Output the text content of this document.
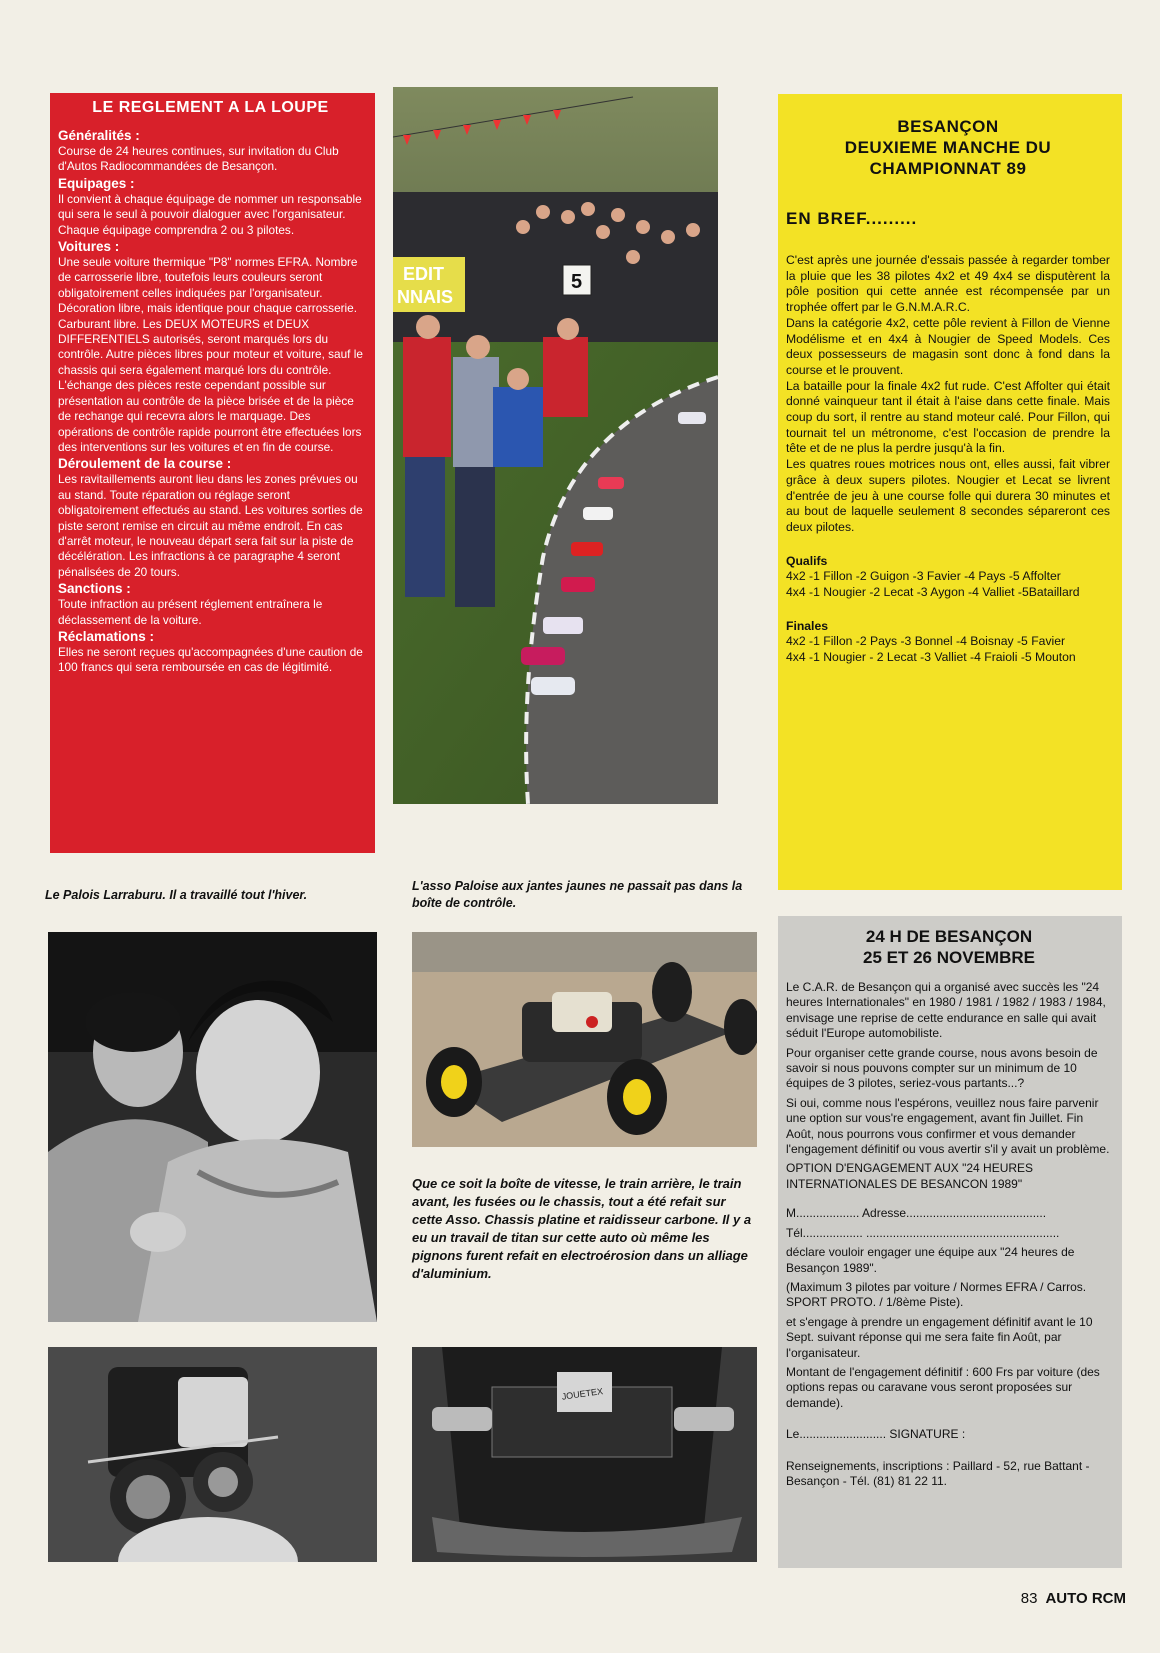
LE REGLEMENT A LA LOUPE
Généralités :
Course de 24 heures continues, sur invitation du Club d'Autos Radiocommandées de Besançon.
Equipages :
Il convient à chaque équipage de nommer un responsable qui sera le seul à pouvoir dialoguer avec l'organisateur. Chaque équipage comprendra 2 ou 3 pilotes.
Voitures :
Une seule voiture thermique "P8" normes EFRA. Nombre de carrosserie libre, toutefois leurs couleurs seront obligatoirement celles indiquées par l'organisateur. Décoration libre, mais identique pour chaque carrosserie. Carburant libre. Les DEUX MOTEURS et DEUX DIFFERENTIELS autorisés, seront marqués lors du contrôle. Autre pièces libres pour moteur et voiture, sauf le chassis qui sera également marqué lors du contrôle. L'échange des pièces reste cependant possible sur présentation au contrôle de la pièce brisée et de la pièce de rechange qui recevra alors le marquage. Des opérations de contrôle rapide pourront être effectuées lors des interventions sur les voitures et en fin de course.
Déroulement de la course :
Les ravitaillements auront lieu dans les zones prévues ou au stand. Toute réparation ou réglage seront obligatoirement effectués au stand. Les voitures sorties de piste seront remise en circuit au même endroit. En cas d'arrêt moteur, le nouveau départ sera fait sur la piste de décélération. Les infractions à ce paragraphe 4 seront pénalisées de 20 tours.
Sanctions :
Toute infraction au présent réglement entraînera le déclassement de la voiture.
Réclamations :
Elles ne seront reçues qu'accompagnées d'une caution de 100 francs qui sera remboursée en cas de légitimité.
EDIT
NNAIS
5
BESANÇON
DEUXIEME MANCHE DU
CHAMPIONNAT 89
EN BREF.........
C'est après une journée d'essais passée à regarder tomber la pluie que les 38 pilotes 4x2 et 49 4x4 se disputèrent la pôle position qui cette année est récompensée par un trophée offert par le G.N.M.A.R.C.
Dans la catégorie 4x2, cette pôle revient à Fillon de Vienne Modélisme et en 4x4 à Nougier de Speed Models. Ces deux possesseurs de magasin sont donc à fond dans la course et le prouvent.
La bataille pour la finale 4x2 fut rude. C'est Affolter qui était donné vainqueur tant il était à l'aise dans cette finale. Mais coup du sort, il rentre au stand moteur calé. Pour Fillon, qui tournait tel un métronome, c'est l'occasion de prendre la tête et de ne plus la perdre jusqu'à la fin.
Les quatres roues motrices nous ont, elles aussi, fait vibrer grâce à deux supers pilotes. Nougier et Lecat se livrent d'entrée de jeu à une course folle qui durera 30 minutes et au bout de laquelle seulement 8 secondes sépareront ces deux pilotes.
Qualifs
4x2 -1 Fillon -2 Guigon -3 Favier -4 Pays -5 Affolter
4x4 -1 Nougier -2 Lecat -3 Aygon -4 Valliet -5Bataillard
Finales
4x2 -1 Fillon -2 Pays -3 Bonnel -4 Boisnay -5 Favier
4x4 -1 Nougier - 2 Lecat -3 Valliet -4 Fraioli -5 Mouton
Le Palois Larraburu. Il a travaillé tout l'hiver.
L'asso Paloise aux jantes jaunes ne passait pas dans la boîte de contrôle.
Que ce soit la boîte de vitesse, le train arrière, le train avant, les fusées ou le chassis, tout a été refait sur cette Asso. Chassis platine et raidisseur carbone. Il y a eu un travail de titan sur cette auto où même les pignons furent refait en electroérosion dans un alliage d'aluminium.
JOUETEX
24 H DE BESANÇON
25 ET 26 NOVEMBRE
Le C.A.R. de Besançon qui a organisé avec succès les "24 heures Internationales" en 1980 / 1981 / 1982 / 1983 / 1984, envisage une reprise de cette endurance en salle qui avait séduit l'Europe automobiliste.
Pour organiser cette grande course, nous avons besoin de savoir si nous pouvons compter sur un minimum de 10 équipes de 3 pilotes, seriez-vous partants...?
Si oui, comme nous l'espérons, veuillez nous faire parvenir une option sur vous're engagement, avant fin Juillet. Fin Août, nous pourrons vous confirmer et vous demander l'engagement définitif ou vous avertir s'il y avait un problème.
OPTION D'ENGAGEMENT AUX "24 HEURES INTERNATIONALES DE BESANCON 1989"
M................... Adresse..........................................
Tél.................. ..........................................................
déclare vouloir engager une équipe aux "24 heures de Besançon 1989".
(Maximum 3 pilotes par voiture / Normes EFRA / Carros. SPORT PROTO. / 1/8ème Piste).
et s'engage à prendre un engagement définitif avant le 10 Sept. suivant réponse qui me sera faite fin Août, par l'organisateur.
Montant de l'engagement définitif : 600 Frs par voiture (des options repas ou caravane vous seront proposées sur demande).
Le.......................... SIGNATURE :
Renseignements, inscriptions : Paillard - 52, rue Battant - Besançon - Tél. (81) 81 22 11.
83 AUTO RCM
